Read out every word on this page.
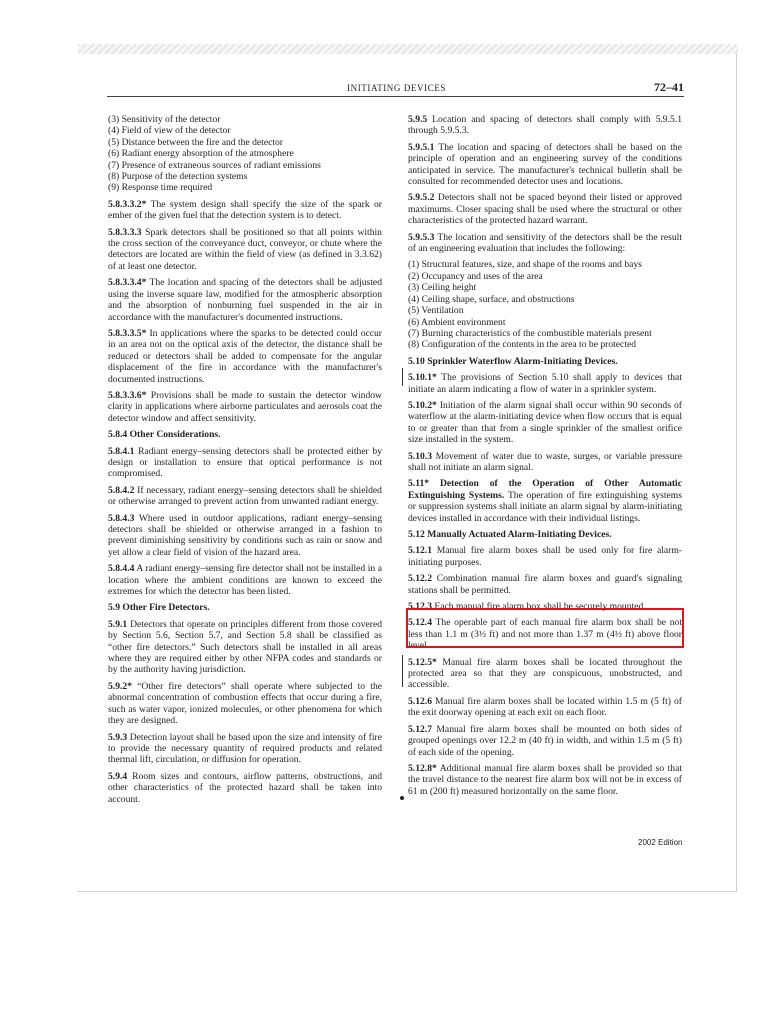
INITIATING DEVICES	72–41
(3) Sensitivity of the detector
(4) Field of view of the detector
(5) Distance between the fire and the detector
(6) Radiant energy absorption of the atmosphere
(7) Presence of extraneous sources of radiant emissions
(8) Purpose of the detection systems
(9) Response time required

5.8.3.3.2* The system design shall specify the size of the spark or ember of the given fuel that the detection system is to detect.

5.8.3.3.3 Spark detectors shall be positioned so that all points within the cross section of the conveyance duct, conveyor, or chute where the detectors are located are within the field of view (as defined in 3.3.62) of at least one detector.

5.8.3.3.4* The location and spacing of the detectors shall be adjusted using the inverse square law, modified for the atmospheric absorption and the absorption of nonburning fuel suspended in the air in accordance with the manufacturer's documented instructions.

5.8.3.3.5* In applications where the sparks to be detected could occur in an area not on the optical axis of the detector, the distance shall be reduced or detectors shall be added to compensate for the angular displacement of the fire in accordance with the manufacturer's documented instructions.

5.8.3.3.6* Provisions shall be made to sustain the detector window clarity in applications where airborne particulates and aerosols coat the detector window and affect sensitivity.

5.8.4 Other Considerations.

5.8.4.1 Radiant energy–sensing detectors shall be protected either by design or installation to ensure that optical performance is not compromised.

5.8.4.2 If necessary, radiant energy–sensing detectors shall be shielded or otherwise arranged to prevent action from unwanted radiant energy.

5.8.4.3 Where used in outdoor applications, radiant energy–sensing detectors shall be shielded or otherwise arranged in a fashion to prevent diminishing sensitivity by conditions such as rain or snow and yet allow a clear field of vision of the hazard area.

5.8.4.4 A radiant energy–sensing fire detector shall not be installed in a location where the ambient conditions are known to exceed the extremes for which the detector has been listed.

5.9 Other Fire Detectors.

5.9.1 Detectors that operate on principles different from those covered by Section 5.6, Section 5.7, and Section 5.8 shall be classified as “other fire detectors.” Such detectors shall be installed in all areas where they are required either by other NFPA codes and standards or by the authority having jurisdiction.

5.9.2* “Other fire detectors” shall operate where subjected to the abnormal concentration of combustion effects that occur during a fire, such as water vapor, ionized molecules, or other phenomena for which they are designed.

5.9.3 Detection layout shall be based upon the size and intensity of fire to provide the necessary quantity of required products and related thermal lift, circulation, or diffusion for operation.

5.9.4 Room sizes and contours, airflow patterns, obstructions, and other characteristics of the protected hazard shall be taken into account.

5.9.5 Location and spacing of detectors shall comply with 5.9.5.1 through 5.9.5.3.

5.9.5.1 The location and spacing of detectors shall be based on the principle of operation and an engineering survey of the conditions anticipated in service. The manufacturer's technical bulletin shall be consulted for recommended detector uses and locations.

5.9.5.2 Detectors shall not be spaced beyond their listed or approved maximums. Closer spacing shall be used where the structural or other characteristics of the protected hazard warrant.

5.9.5.3 The location and sensitivity of the detectors shall be the result of an engineering evaluation that includes the following:

(1) Structural features, size, and shape of the rooms and bays
(2) Occupancy and uses of the area
(3) Ceiling height
(4) Ceiling shape, surface, and obstructions
(5) Ventilation
(6) Ambient environment
(7) Burning characteristics of the combustible materials present
(8) Configuration of the contents in the area to be protected

5.10 Sprinkler Waterflow Alarm-Initiating Devices.

5.10.1* The provisions of Section 5.10 shall apply to devices that initiate an alarm indicating a flow of water in a sprinkler system.

5.10.2* Initiation of the alarm signal shall occur within 90 seconds of waterflow at the alarm-initiating device when flow occurs that is equal to or greater than that from a single sprinkler of the smallest orifice size installed in the system.

5.10.3 Movement of water due to waste, surges, or variable pressure shall not initiate an alarm signal.

5.11* Detection of the Operation of Other Automatic Extinguishing Systems. The operation of fire extinguishing systems or suppression systems shall initiate an alarm signal by alarm-initiating devices installed in accordance with their individual listings.

5.12 Manually Actuated Alarm-Initiating Devices.

5.12.1 Manual fire alarm boxes shall be used only for fire alarm-initiating purposes.

5.12.2 Combination manual fire alarm boxes and guard's signaling stations shall be permitted.

5.12.3 Each manual fire alarm box shall be securely mounted.

5.12.4 The operable part of each manual fire alarm box shall be not less than 1.1 m (3½ ft) and not more than 1.37 m (4½ ft) above floor level.

5.12.5* Manual fire alarm boxes shall be located throughout the protected area so that they are conspicuous, unobstructed, and accessible.

5.12.6 Manual fire alarm boxes shall be located within 1.5 m (5 ft) of the exit doorway opening at each exit on each floor.

5.12.7 Manual fire alarm boxes shall be mounted on both sides of grouped openings over 12.2 m (40 ft) in width, and within 1.5 m (5 ft) of each side of the opening.

5.12.8* Additional manual fire alarm boxes shall be provided so that the travel distance to the nearest fire alarm box will not be in excess of 61 m (200 ft) measured horizontally on the same floor.

2002 Edition
